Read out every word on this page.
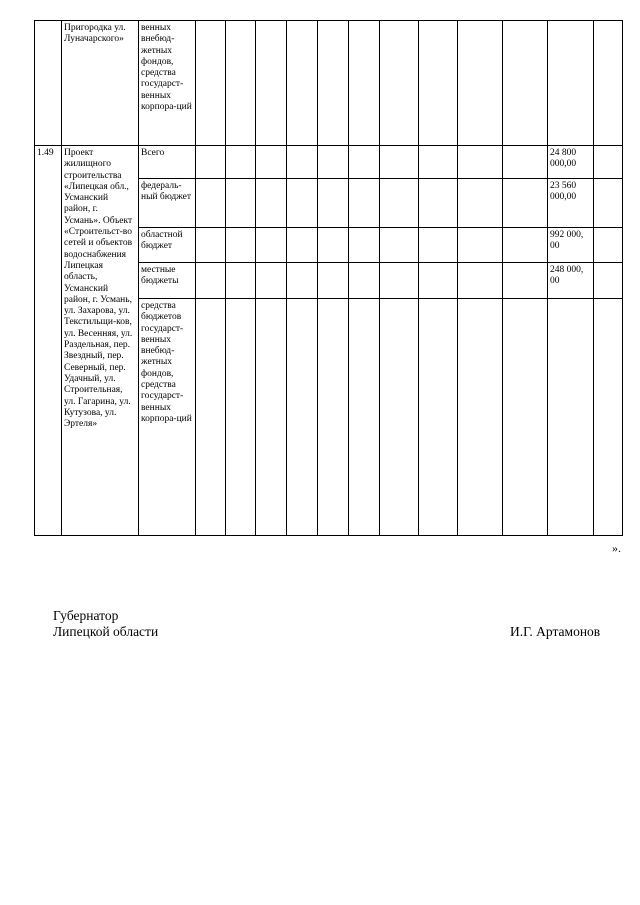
	Пригородка ул. Луначарского»	венных внебюд-жетных фондов, средства государст-венных корпора-ций												
1.49	Проект жилищного строительства «Липецкая обл., Усманский район, г. Усмань». Объект «Строительст-во сетей и объектов водоснабжения Липецкая область, Усманский район, г. Усмань, ул. Захарова, ул. Текстильщи-ков, ул. Весенняя, ул. Раздельная, пер. Звездный, пер. Северный, пер. Удачный, ул. Строительная, ул. Гагарина, ул. Кутузова, ул. Эртеля»	Всего											24 800 000,00	
		федераль-ный бюджет											23 560 000,00	
		областной бюджет											992 000, 00	
		местные бюджеты											248 000, 00	
		средства бюджетов государст-венных внебюд-жетных фондов, средства государст-венных корпора-ций												
».
Губернатор
Липецкой области	И.Г. Артамонов
